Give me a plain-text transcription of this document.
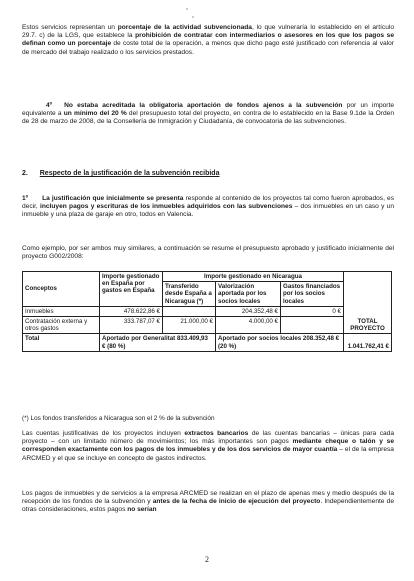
Estos servicios representan un porcentaje de la actividad subvencionada, lo que vulneraría lo establecido en el artículo 29.7. c) de la LGS, que establece la prohibición de contratar con intermediarios o asesores en los que los pagos se definan como un porcentaje de coste total de la operación, a menos que dicho pago esté justificado con referencia al valor de mercado del trabajo realizado o los servicios prestados.
4º No estaba acreditada la obligatoria aportación de fondos ajenos a la subvención por un importe equivalente a un mínimo del 20 % del presupuesto total del proyecto, en contra de lo establecido en la Base 9.1de la Orden de 28 de marzo de 2008, de la Consellería de Inmigración y Ciudadanía, de convocatoria de las subvenciones.
2. Respecto de la justificación de la subvención recibida
1º La justificación que inicialmente se presenta responde al contenido de los proyectos tal como fueron aprobados, es decir, incluyen pagos y escrituras de los inmuebles adquiridos con las subvenciones – dos inmuebles en un caso y un inmueble y una plaza de garaje en otro, todos en Valencia.
Como ejemplo, por ser ambos muy similares, a continuación se resume el presupuesto aprobado y justificado inicialmente del proyecto G002/2008:
Conceptos	Importe gestionado en España por gastos en España	Importe gestionado en Nicaragua			
		Transferido desde España a Nicaragua (*)	Valorización aportada por los socios locales	Gastos financiados por los socios locales	
Inmuebles	478.622,86 €		204.352,48 €	0 €	
Contratación externa y otros gastos	333.787,07 €	21.000,00 €	4.000,00 €		TOTAL PROYECTO
Total	Aportado por Generalitat 833.409,93 € (80 %)		Aportado por socios locales 208.352,48 € (20 %)		1.041.762,41 €
(*) Los fondos transferidos a Nicaragua son el 2 % de la subvención
Las cuentas justificativas de los proyectos incluyen extractos bancarios de las cuentas bancarias – únicas para cada proyecto – con un limitado número de movimientos; los más importantes son pagos mediante cheque o talón y se corresponden exactamente con los pagos de los inmuebles y de los dos servicios de mayor cuantía – el de la empresa ARCMED y el que se incluye en concepto de gastos indirectos.
Los pagos de inmuebles y de servicios a la empresa ARCMED se realizan en el plazo de apenas mes y medio después de la recepción de los fondos de la subvención y antes de la fecha de inicio de ejecución del proyecto. Independientemente de otras consideraciones, estos pagos no serían
2
